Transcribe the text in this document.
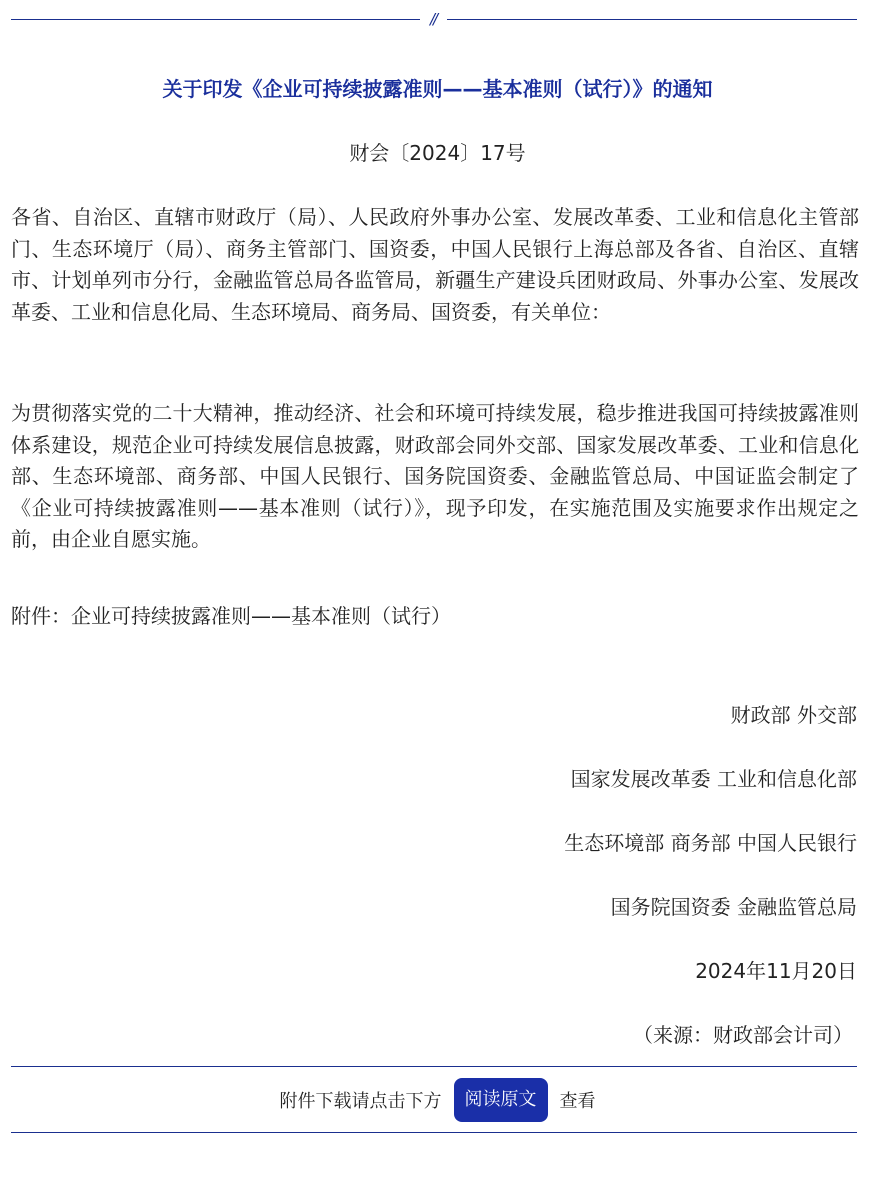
//
关于印发《企业可持续披露准则——基本准则（试行）》的通知
财会〔2024〕17号

各省、自治区、直辖市财政厅（局）、人民政府外事办公室、发展改革委、工业和信息化主管部门、生态环境厅（局）、商务主管部门、国资委，中国人民银行上海总部及各省、自治区、直辖市、计划单列市分行，金融监管总局各监管局，新疆生产建设兵团财政局、外事办公室、发展改革委、工业和信息化局、生态环境局、商务局、国资委，有关单位：

为贯彻落实党的二十大精神，推动经济、社会和环境可持续发展，稳步推进我国可持续披露准则体系建设，规范企业可持续发展信息披露，财政部会同外交部、国家发展改革委、工业和信息化部、生态环境部、商务部、中国人民银行、国务院国资委、金融监管总局、中国证监会制定了《企业可持续披露准则——基本准则（试行）》，现予印发，在实施范围及实施要求作出规定之前，由企业自愿实施。

附件：企业可持续披露准则——基本准则（试行）

财政部 外交部
国家发展改革委 工业和信息化部
生态环境部 商务部 中国人民银行
国务院国资委 金融监管总局
2024年11月20日
（来源：财政部会计司）
附件下载请点击下方	阅读原文	查看
